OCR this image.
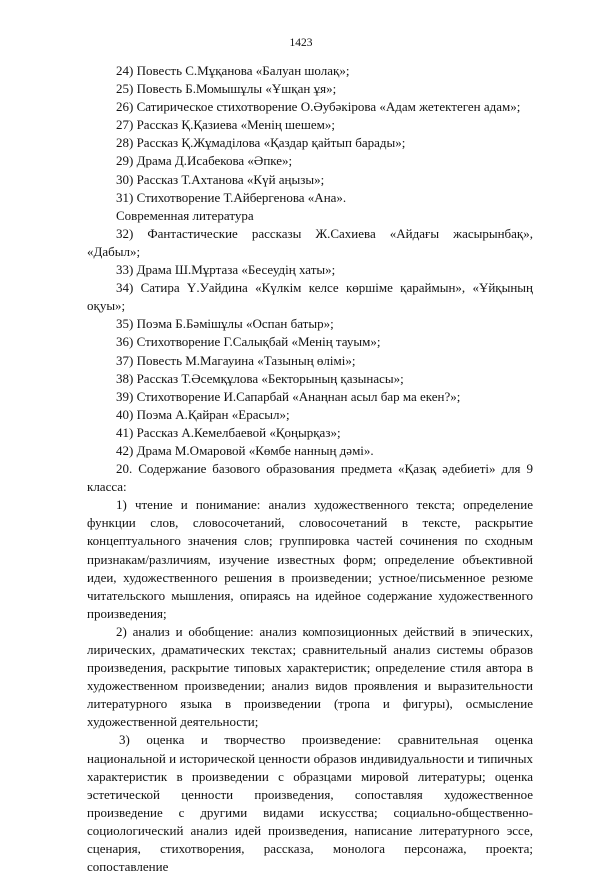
1423
24) Повесть С.Мұқанова «Балуан шолақ»;
25) Повесть Б.Момышұлы «Ұшқан ұя»;
26) Сатирическое стихотворение О.Әубәкірова «Адам жетектеген адам»;
27) Рассказ Қ.Қазиева «Менің шешем»;
28) Рассказ Қ.Жұмаділова «Қаздар қайтып барады»;
29) Драма Д.Исабекова «Әпке»;
30) Рассказ Т.Ахтанова «Күй аңызы»;
31) Стихотворение Т.Айбергенова «Ана».
Современная литература
32) Фантастические рассказы Ж.Сахиева «Айдағы жасырынбақ», «Дабыл»;
33) Драма Ш.Мұртаза «Бесеудің хаты»;
34) Сатира Ү.Уайдина «Күлкім келсе көршіме қараймын», «Ұйқының оқуы»;
35) Поэма Б.Бәмішұлы «Оспан батыр»;
36) Стихотворение Г.Салықбай «Менің тауым»;
37) Повесть М.Магауина «Тазының өлімі»;
38) Рассказ Т.Әсемқұлова «Бекторының қазынасы»;
39) Стихотворение И.Сапарбай «Анаңнан асыл бар ма екен?»;
40) Поэма А.Қайран «Ерасыл»;
41) Рассказ А.Кемелбаевой «Қоңырқаз»;
42) Драма М.Омаровой «Көмбе нанның дәмі».
20. Содержание базового образования предмета «Қазақ әдебиеті» для 9 класса:
1) чтение и понимание: анализ художественного текста; определение функции слов, словосочетаний, словосочетаний в тексте, раскрытие концептуального значения слов; группировка частей сочинения по сходным признакам/различиям, изучение известных форм; определение объективной идеи, художественного решения в произведении; устное/письменное резюме читательского мышления, опираясь на идейное содержание художественного произведения;
2) анализ и обобщение: анализ композиционных действий в эпических, лирических, драматических текстах; сравнительный анализ системы образов произведения, раскрытие типовых характеристик; определение стиля автора в художественном произведении; анализ видов проявления и выразительности литературного языка в произведении (тропа и фигуры), осмысление художественной деятельности;
3) оценка и творчество произведение: сравнительная оценка национальной и исторической ценности образов индивидуальности и типичных характеристик в произведении с образцами мировой литературы; оценка эстетической ценности произведения, сопоставляя художественное произведение с другими видами искусства; социально-общественно-социологический анализ идей произведения, написание литературного эссе, сценария, стихотворения, рассказа, монолога персонажа, проекта; сопоставление
